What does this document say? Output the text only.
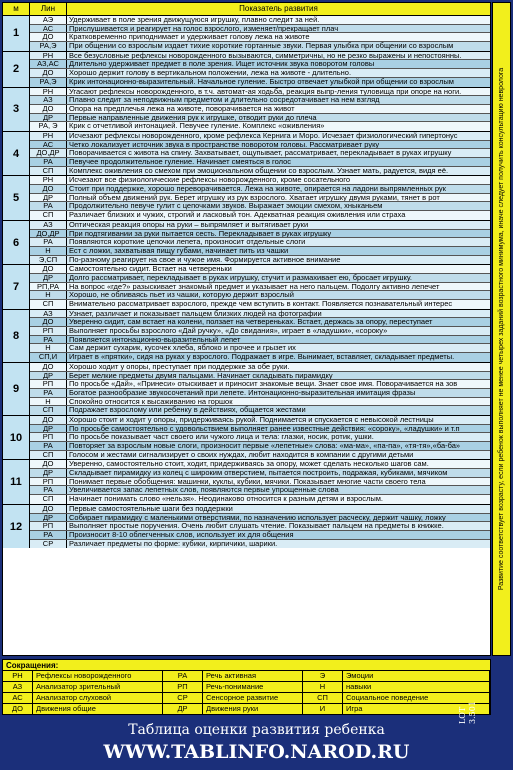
м	Лин	Показатель развития
1
АЭ	Удерживает в поле зрения движущуюся игрушку, плавно следит за ней.
АС	Прислушивается и реагирует на голос взрослого, изменяет/прекращает плач
ДО	Кратковременно приподнимает и удерживает голову лежа на животе
РА,Э	При общении со взрослым издает тихие короткие гортанные звуки. Первая улыбка при общении со взрослым
2
РН	Все безусловные рефлексы новорожденного вызываются, симметричны, но не резко выражены и непостоянны.
АЗ,АС	Длительно удерживает предмет в поле зрения. Ищет источник звука поворотом головы
ДО	Хорошо держит голову в вертикальном положении, лежа на животе - длительно.
РА,Э	Крик интонационно-выразительный. Начальное гуление. Быстро отвечает улыбкой при общении со взрослым
3
РН	Угасают рефлексы новорожденного, в т.ч. автомат-ая ходьба, реакция выпр-ления туловища при опоре на ноги.
АЗ	Плавно следит за неподвижным предметом и длительно сосредотачивает на нем взгляд
ДО	Опора на предплечья лежа на животе, поворачивается на живот
ДР	Первые направленные движения рук к игрушке, отводит руки до плеча
РА, Э	Крик с отчетливой интонацией. Певучее гуление. Комплекс «оживления»
4
РН	Исчезают рефлексы новорожденного, кроме рефлекса Кернига и Моро. Исчезает физиологический гипертонус
АС	Четко локализует источник звука в пространстве поворотом головы. Рассматривает руку
ДО,ДР	Поворачивается с живота на спину. Захватывает, ощупывает, рассматривает, перекладывает в руках игрушку
РА	Певучее продолжительное гуление. Начинает смеяться в голос
СП	Комплекс оживления со смехом при эмоциональном общении со взрослым. Узнает мать, радуется, видя её.
5
РН	Исчезают все физиологические рефлексы новорожденного, кроме сосательного
ДО	Стоит при поддержке, хорошо переворачивается. Лежа на животе, опирается на ладони выпрямленных рук
ДР	Полный объем движений рук. Берет игрушку из рук взрослого. Хватает игрушку двумя руками, тянет в рот
РА	Продолжительно певуче гулит с цепочками звуков. Выражает эмоции смехом, хныканьем
СП	Различает близких и чужих, строгий и ласковый тон. Адекватная реакция оживления или страха
6
АЗ	Оптическая реакция опоры на руки – выпрямляет и вытягивает руки
ДО,ДР	При подтягивании за руки пытается сесть. Перекладывает в руках игрушку
РА	Появляются короткие цепочки лепета, произносит отдельные слоги
Н	Ест с ложки, захватывая пищу губами, начинает пить из чашки
Э,СП	По-разному реагирует на свое и чужое имя. Формируется активное внимание
7
ДО	Самостоятельно сидит. Встает на четвереньки
ДР	Долго рассматривает, перекладывает в руках игрушку, стучит и размахивает ею, бросает игрушку.
РП,РА	На вопрос «где?» разыскивает знакомый предмет и указывает на него пальцем. Подолгу активно лепечет
Н	Хорошо, не обливаясь пьет из чашки, которую держит взрослый
СП	Внимательно рассматривает взрослого, прежде чем вступить в контакт. Появляется познавательный интерес
8
АЗ	Узнает, различает и показывает пальцем близких людей на фотографии
ДО	Уверенно сидит, сам встает на колени, ползает на четвереньках. Встает, держась за опору, переступает
РП	Выполняет просьбы взрослого «Дай ручку», «До свидания», играет в «ладушки», «сороку»
РА	Появляется интонационно-выразительный лепет
Н	Сам держит сухарик, кусочек хлеба, яблоко и прочее и грызет их
СП,И	Играет в «прятки», сидя на руках у взрослого. Подражает в игре. Вынимает, вставляет, складывает предметы.
9
ДО	Хорошо ходит у опоры, преступает при поддержке за обе руки.
ДР	Берет мелкие предметы двумя пальцами. Начинает складывать пирамидку
РП	По просьбе «Дай», «Принеси» отыскивает и приносит знакомые вещи. Знает свое имя. Поворачивается на зов
РА	Богатое разнообразие звукосочетаний при лепете. Интонационно-выразительная имитация фразы
Н	Спокойно относится к высаживанию на горшок
СП	Подражает взрослому или ребенку в действиях, общается жестами
10
ДО	Хорошо стоит и ходит у опоры, придерживаясь рукой. Поднимается и спускается с невысокой лестницы
ДР	По просьбе самостоятельно с удовольствием выполняет ранее известные действия: «сороку», «ладушки» и т.п
РП	По просьбе показывает част своего или чужого лица и тела: глазки, носик, ротик, ушки.
РА	Повторяет за взрослым новые слоги, произносит первые «лепетные» слова: «ма-ма», «па-па», «тя-тя»,«ба-ба»
СП	Голосом и жестами сигнализирует о своих нуждах, любит находится в компании с другими детьми
11
ДО	Уверенно, самостоятельно стоит, ходит, придерживаясь за опору, может сделать несколько шагов сам.
ДР	Складывает пирамидку из колец с широким отверстием, пытается построить, подражая, кубиками, мячиком
РП	Понимает первые обобщения: машинки, куклы, кубики, мячики. Показывает многие части своего тела
РА	Увеличивается запас лепетных слов, появляются первые упрощенные слова
СП	Начинает понимать слово «нельзя». Неодинаково относится к разным детям и взрослым.
12
ДО	Первые самостоятельные шаги без поддержки
ДР	Собирает пирамидку с маленькими отверстиями, по назначению использует расческу, держит чашку, ложку
РП	Выполняет простые поручения. Очень любит слушать чтение. Показывает пальцем на предметы в книжке.
РА	Произносит 8-10 облегченных слов, использует их для общения
СР	Различает предметы по форме: кубики, кирпичики, шарики.	Развитие соответствует возрасту, если ребенок выполняет не менее четырех заданий возрастного минимума, иначе следует получить консультацию невролога
Сокращения:
РН	Рефлексы новорожденного	РА	Речь активная	Э	Эмоции
АЗ	Анализатор зрительный	РП	Речь-понимание	Н	навыки
АС	Анализатор слуховой	СР	Сенсорное развитие	СП	Социальное поведение
ДО	Движения общие	ДР	Движения руки	И	Игра
Таблица оценки развития ребенка
WWW.TABLINFO.NAROD.RU
LOT 3.501
